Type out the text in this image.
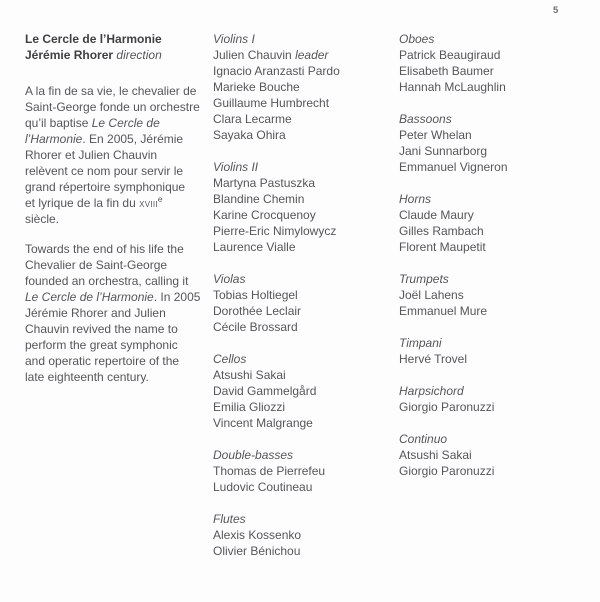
5
Le Cercle de l’Harmonie
Jérémie Rhorer direction
A la fin de sa vie, le chevalier de
Saint-George fonde un orchestre
qu’il baptise Le Cercle de
l’Harmonie. En 2005, Jérémie
Rhorer et Julien Chauvin
relèvent ce nom pour servir le
grand répertoire symphonique
et lyrique de la fin du xviii$^e$
siècle.
Towards the end of his life the
Chevalier de Saint-George
founded an orchestra, calling it
Le Cercle de l’Harmonie. In 2005
Jérémie Rhorer and Julien
Chauvin revived the name to
perform the great symphonic
and operatic repertoire of the
late eighteenth century.
Violins I
Julien Chauvin leader
Ignacio Aranzasti Pardo
Marieke Bouche
Guillaume Humbrecht
Clara Lecarme
Sayaka Ohira
Violins II
Martyna Pastuszka
Blandine Chemin
Karine Crocquenoy
Pierre-Eric Nimylowycz
Laurence Vialle
Violas
Tobias Holtiegel
Dorothée Leclair
Cécile Brossard
Cellos
Atsushi Sakai
David Gammelgård
Emilia Gliozzi
Vincent Malgrange
Double-basses
Thomas de Pierrefeu
Ludovic Coutineau
Flutes
Alexis Kossenko
Olivier Bénichou
Oboes
Patrick Beaugiraud
Elisabeth Baumer
Hannah McLaughlin
Bassoons
Peter Whelan
Jani Sunnarborg
Emmanuel Vigneron
Horns
Claude Maury
Gilles Rambach
Florent Maupetit
Trumpets
Joël Lahens
Emmanuel Mure
Timpani
Hervé Trovel
Harpsichord
Giorgio Paronuzzi
Continuo
Atsushi Sakai
Giorgio Paronuzzi
